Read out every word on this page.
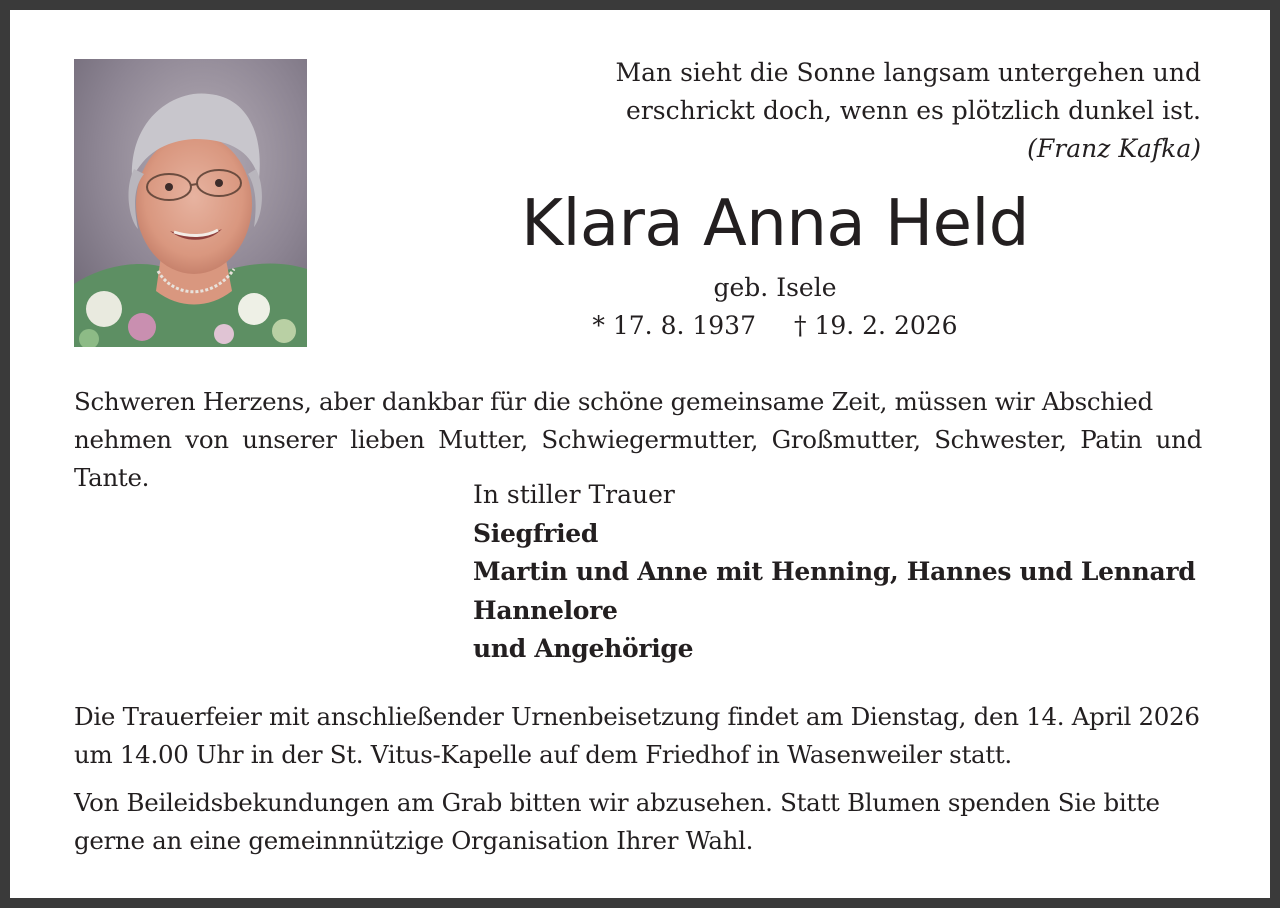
Man sieht die Sonne langsam untergehen und
erschrickt doch, wenn es plötzlich dunkel ist.
(Franz Kafka)
Klara Anna Held
geb. Isele
* 17. 8. 1937 † 19. 2. 2026
Schweren Herzens, aber dankbar für die schöne gemeinsame Zeit, müssen wir Abschied
nehmen von unserer lieben Mutter, Schwiegermutter, Großmutter, Schwester, Patin und Tante.
In stiller Trauer
Siegfried
Martin und Anne mit Henning, Hannes und Lennard
Hannelore
und Angehörige
Die Trauerfeier mit anschließender Urnenbeisetzung findet am Dienstag, den 14. April 2026
um 14.00 Uhr in der St. Vitus-Kapelle auf dem Friedhof in Wasenweiler statt.
Von Beileidsbekundungen am Grab bitten wir abzusehen. Statt Blumen spenden Sie bitte
gerne an eine gemeinnnützige Organisation Ihrer Wahl.
